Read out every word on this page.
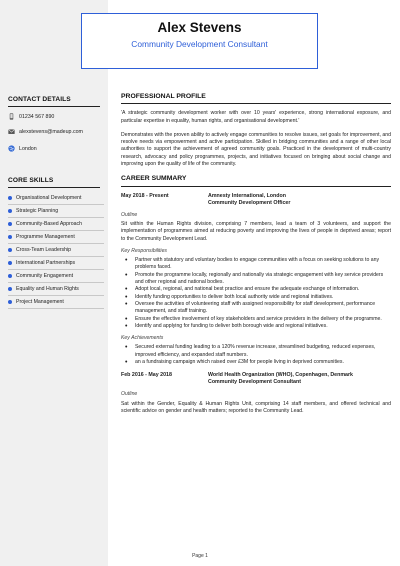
Alex Stevens
Community Development Consultant
CONTACT DETAILS
01234 567 890
alexstevens@madeup.com
London
CORE SKILLS
Organisational Development
Strategic Planning
Community-Based Approach
Programme Management
Cross-Team Leadership
International Partnerships
Community Engagement
Equality and Human Rights
Project Management
PROFESSIONAL PROFILE

'A strategic community development worker with over 10 years' experience, strong international exposure, and particular expertise in equality, human rights, and organisational development.'

Demonstrates with the proven ability to actively engage communities to resolve issues, set goals for improvement, and resolve needs via empowerment and active participation. Skilled in bridging communities and a range of other local authorities to support the achievement of agreed community goals. Practiced in the development of multi-country research, advocacy and policy programmes, projects, and initiatives focused on bringing about social change and improving upon the quality of life of the community.

CAREER SUMMARY
May 2018 - Present	Amnesty International, London
Community Development Officer
Outline

Sit within the Human Rights division, comprising 7 members, lead a team of 3 volunteers, and support the implementation of programmes aimed at reducing poverty and improving the lives of people in deprived areas; report to the Community Development Lead.

Key Responsibilities
• Partner with statutory and voluntary bodies to engage communities with a focus on seeking solutions to any problems faced.
• Promote the programme locally, regionally and nationally via strategic engagement with key service providers and other regional and national bodies.
• Adopt local, regional, and national best practice and ensure the adequate exchange of information.
• Identify funding opportunities to deliver both local authority wide and regional initiatives.
• Oversee the activities of volunteering staff with assigned responsibility for staff development, performance management, and staff training.
• Ensure the effective involvement of key stakeholders and service providers in the delivery of the programme.
• Identify and applying for funding to deliver both borough wide and regional initiatives.
Key Achievements
• Secured external funding leading to a 120% revenue increase, streamlined budgeting, reduced expenses, improved efficiency, and expanded staff numbers.
• an a fundraising campaign which raised over £3M for people living in deprived communities.
Feb 2016 - May 2018	World Health Organization (WHO), Copenhagen, Denmark
Community Development Consultant
Outline

Sat within the Gender, Equality & Human Rights Unit, comprising 14 staff members, and offered technical and scientific advice on gender and health matters; reported to the Community Lead.

Page 1
